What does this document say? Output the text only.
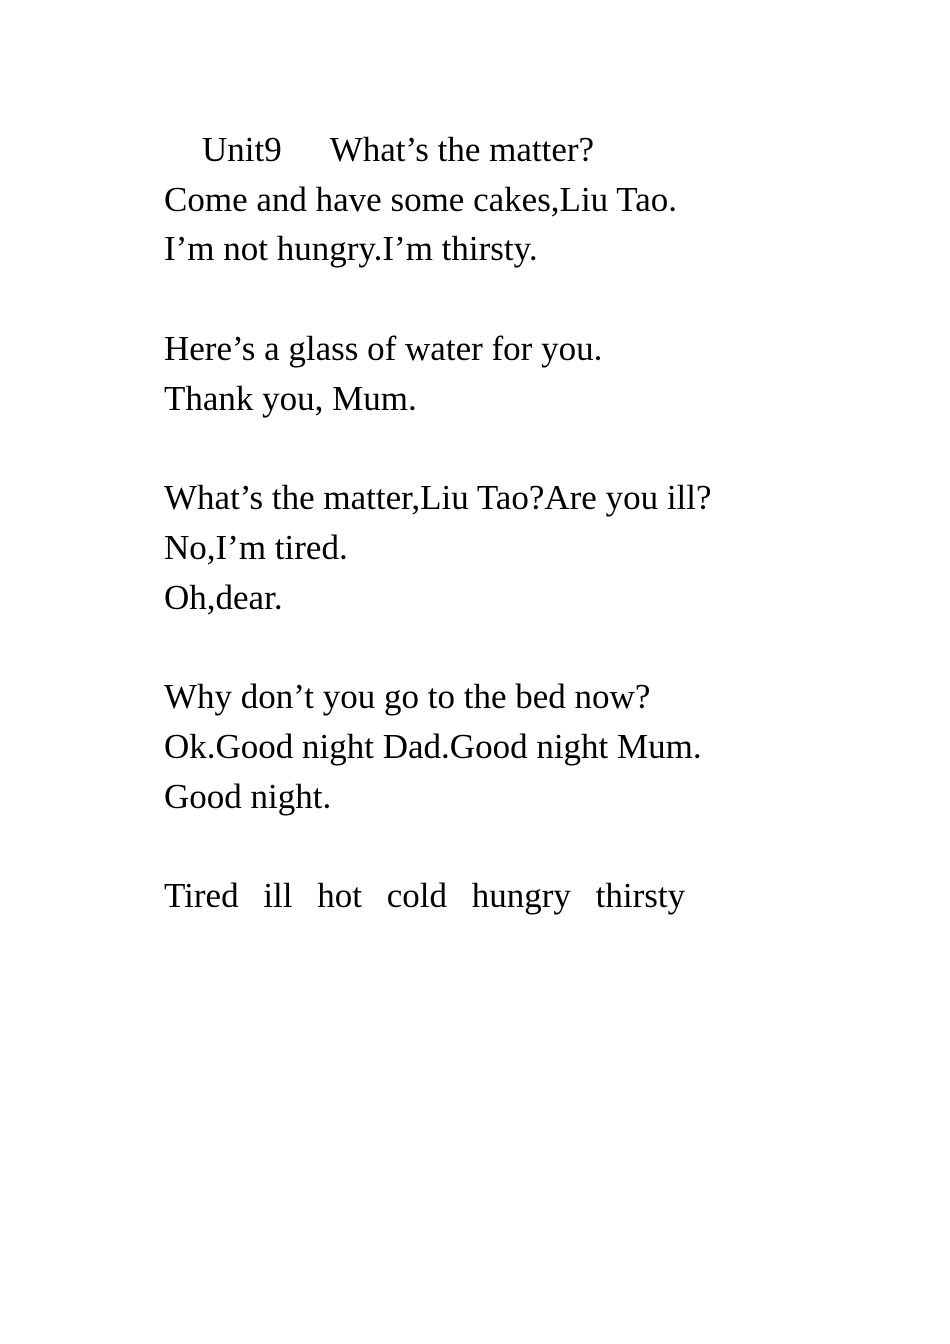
Unit9 What’s the matter?
Come and have some cakes,Liu Tao.
I’m not hungry.I’m thirsty.
Here’s a glass of water for you.
Thank you, Mum.
What’s the matter,Liu Tao?Are you ill?
No,I’m tired.
Oh,dear.
Why don’t you go to the bed now?
Ok.Good night Dad.Good night Mum.
Good night.
Tired ill hot cold hungry thirsty
